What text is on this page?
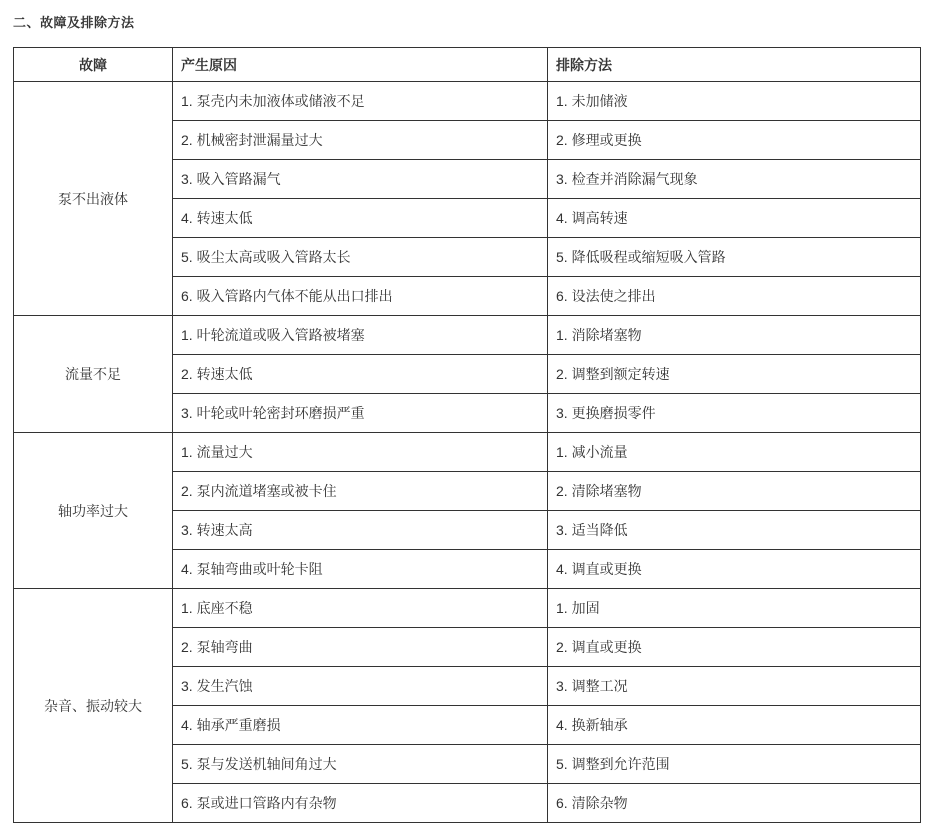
二、故障及排除方法
故障	产生原因	排除方法
泵不出液体	1. 泵壳内未加液体或储液不足	1. 未加储液
	2. 机械密封泄漏量过大	2. 修理或更换
	3. 吸入管路漏气	3. 检查并消除漏气现象
	4. 转速太低	4. 调高转速
	5. 吸尘太高或吸入管路太长	5. 降低吸程或缩短吸入管路
	6. 吸入管路内气体不能从出口排出	6. 设法使之排出
流量不足	1. 叶轮流道或吸入管路被堵塞	1. 消除堵塞物
	2. 转速太低	2. 调整到额定转速
	3. 叶轮或叶轮密封环磨损严重	3. 更换磨损零件
轴功率过大	1. 流量过大	1. 减小流量
	2. 泵内流道堵塞或被卡住	2. 清除堵塞物
	3. 转速太高	3. 适当降低
	4. 泵轴弯曲或叶轮卡阻	4. 调直或更换
杂音、振动较大	1. 底座不稳	1. 加固
	2. 泵轴弯曲	2. 调直或更换
	3. 发生汽蚀	3. 调整工况
	4. 轴承严重磨损	4. 换新轴承
	5. 泵与发送机轴间角过大	5. 调整到允许范围
	6. 泵或进口管路内有杂物	6. 清除杂物
